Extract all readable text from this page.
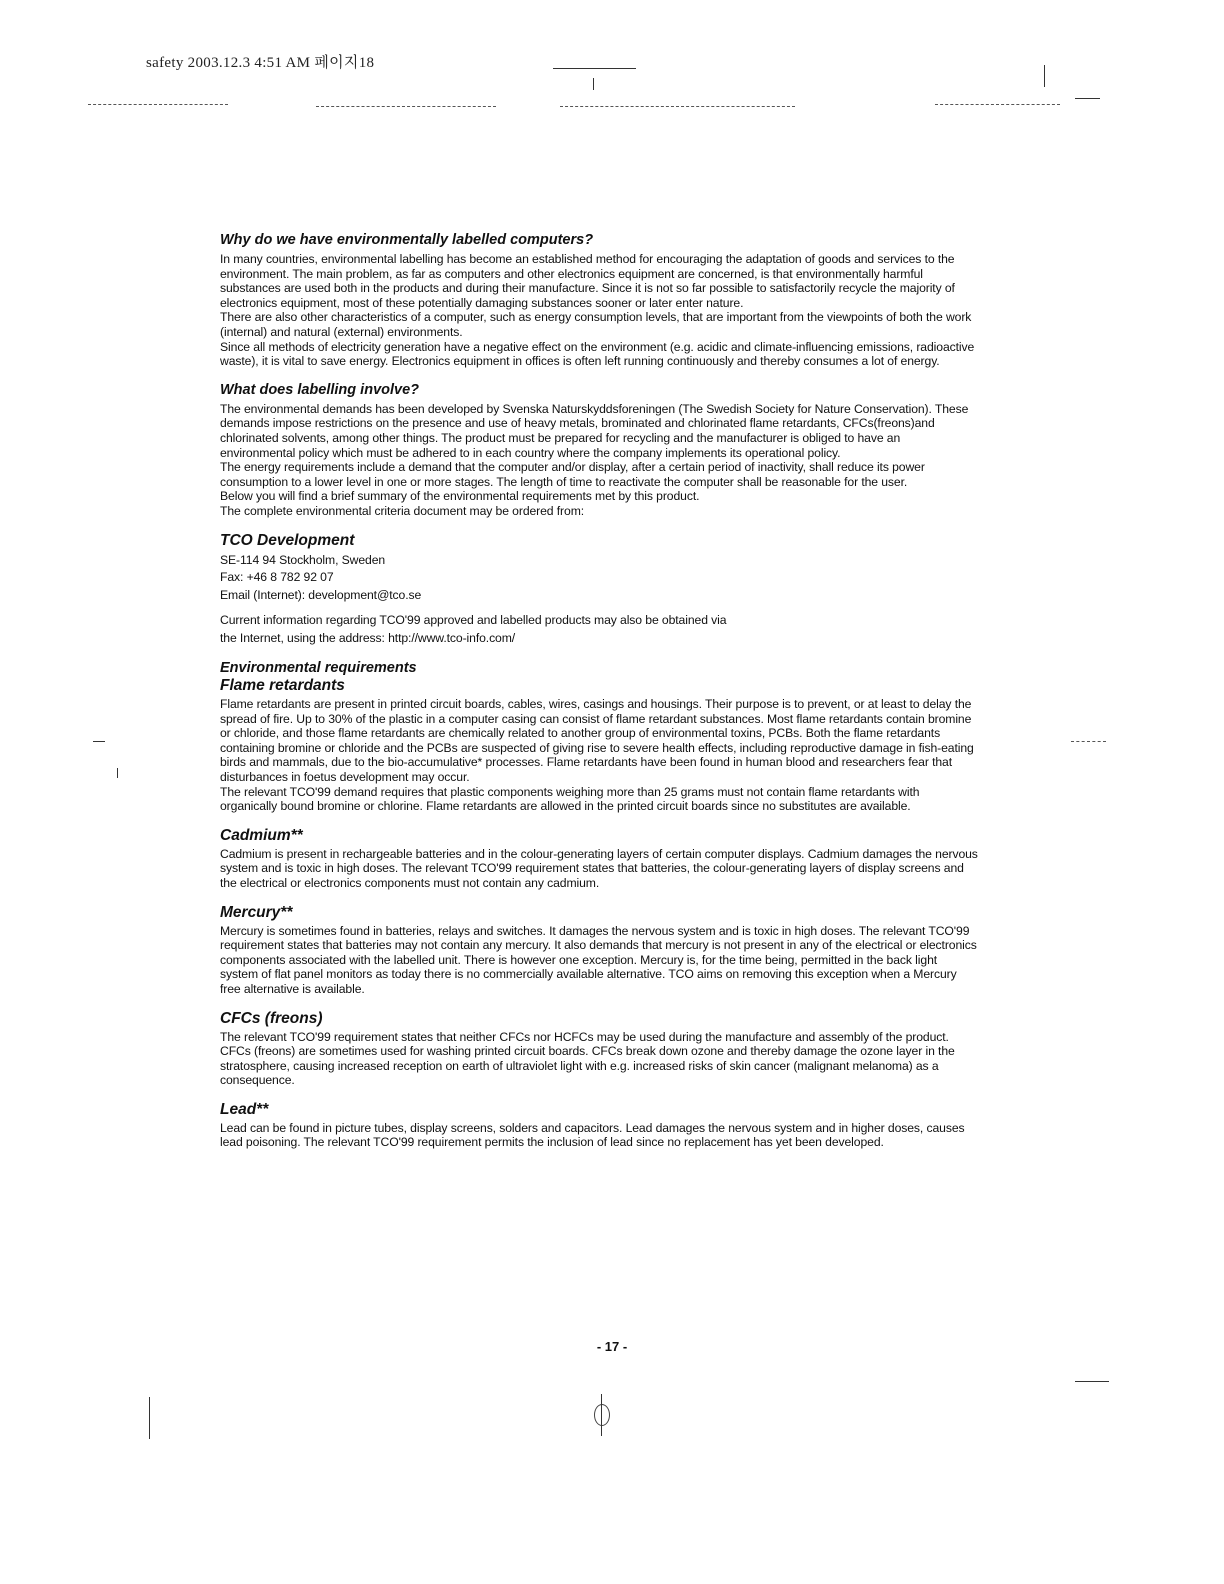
safety 2003.12.3 4:51 AM 페이지18
Why do we have environmentally labelled computers?

In many countries, environmental labelling has become an established method for encouraging the adaptation of goods and services to the environment. The main problem, as far as computers and other electronics equipment are concerned, is that environmentally harmful substances are used both in the products and during their manufacture. Since it is not so far possible to satisfactorily recycle the majority of electronics equipment, most of these potentially damaging substances sooner or later enter nature.

There are also other characteristics of a computer, such as energy consumption levels, that are important from the viewpoints of both the work (internal) and natural (external) environments.

Since all methods of electricity generation have a negative effect on the environment (e.g. acidic and climate-influencing emissions, radioactive waste), it is vital to save energy. Electronics equipment in offices is often left running continuously and thereby consumes a lot of energy.

What does labelling involve?

The environmental demands has been developed by Svenska Naturskyddsforeningen (The Swedish Society for Nature Conservation). These demands impose restrictions on the presence and use of heavy metals, brominated and chlorinated flame retardants, CFCs(freons)and chlorinated solvents, among other things. The product must be prepared for recycling and the manufacturer is obliged to have an environmental policy which must be adhered to in each country where the company implements its operational policy.

The energy requirements include a demand that the computer and/or display, after a certain period of inactivity, shall reduce its power consumption to a lower level in one or more stages. The length of time to reactivate the computer shall be reasonable for the user.

Below you will find a brief summary of the environmental requirements met by this product.

The complete environmental criteria document may be ordered from:

TCO Development

SE-114 94 Stockholm, Sweden

Fax: +46 8 782 92 07

Email (Internet): development@tco.se

Current information regarding TCO'99 approved and labelled products may also be obtained via

the Internet, using the address: http://www.tco-info.com/

Environmental requirements
Flame retardants

Flame retardants are present in printed circuit boards, cables, wires, casings and housings. Their purpose is to prevent, or at least to delay the spread of fire. Up to 30% of the plastic in a computer casing can consist of flame retardant substances. Most flame retardants contain bromine or chloride, and those flame retardants are chemically related to another group of environmental toxins, PCBs. Both the flame retardants containing bromine or chloride and the PCBs are suspected of giving rise to severe health effects, including reproductive damage in fish-eating birds and mammals, due to the bio-accumulative* processes. Flame retardants have been found in human blood and researchers fear that disturbances in foetus development may occur.

The relevant TCO'99 demand requires that plastic components weighing more than 25 grams must not contain flame retardants with organically bound bromine or chlorine. Flame retardants are allowed in the printed circuit boards since no substitutes are available.

Cadmium**

Cadmium is present in rechargeable batteries and in the colour-generating layers of certain computer displays. Cadmium damages the nervous system and is toxic in high doses. The relevant TCO'99 requirement states that batteries, the colour-generating layers of display screens and the electrical or electronics components must not contain any cadmium.

Mercury**

Mercury is sometimes found in batteries, relays and switches. It damages the nervous system and is toxic in high doses. The relevant TCO'99 requirement states that batteries may not contain any mercury. It also demands that mercury is not present in any of the electrical or electronics components associated with the labelled unit. There is however one exception. Mercury is, for the time being, permitted in the back light system of flat panel monitors as today there is no commercially available alternative. TCO aims on removing this exception when a Mercury free alternative is available.

CFCs (freons)

The relevant TCO'99 requirement states that neither CFCs nor HCFCs may be used during the manufacture and assembly of the product. CFCs (freons) are sometimes used for washing printed circuit boards. CFCs break down ozone and thereby damage the ozone layer in the stratosphere, causing increased reception on earth of ultraviolet light with e.g. increased risks of skin cancer (malignant melanoma) as a consequence.

Lead**

Lead can be found in picture tubes, display screens, solders and capacitors. Lead damages the nervous system and in higher doses, causes lead poisoning. The relevant TCO'99 requirement permits the inclusion of lead since no replacement has yet been developed.

- 17 -
